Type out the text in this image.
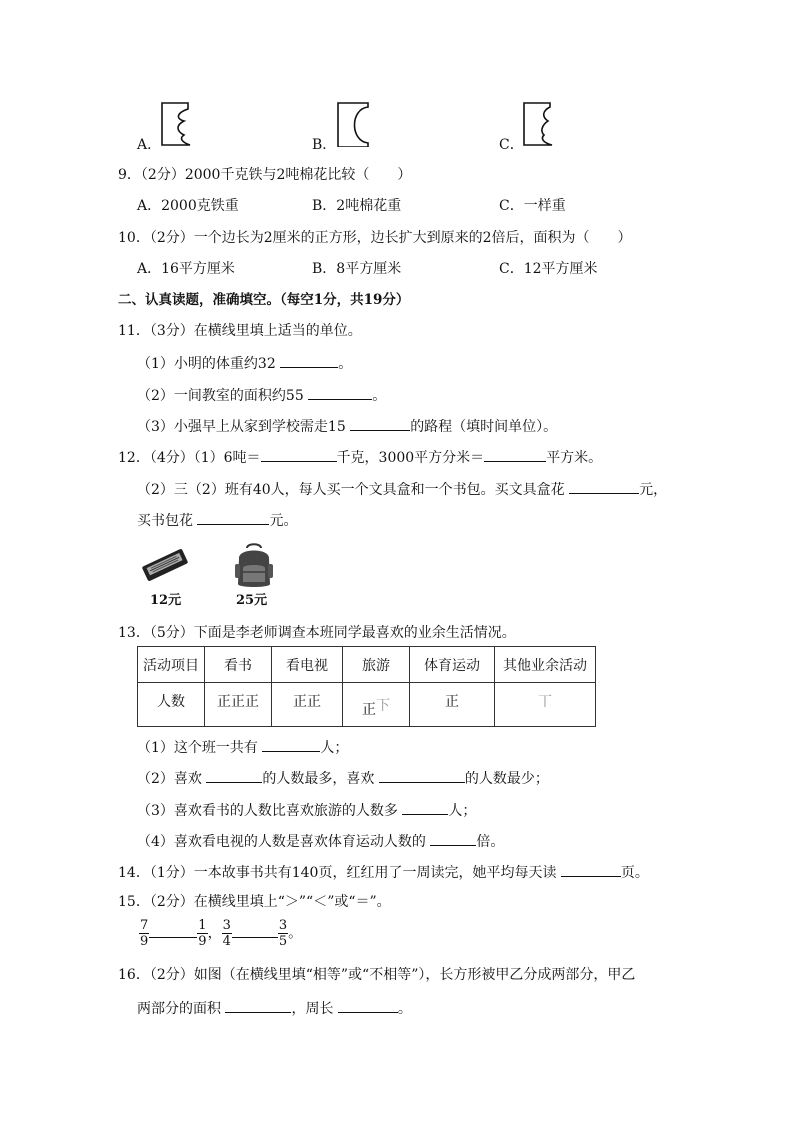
A．	B．	C．
9．（2分）2000千克铁与2吨棉花比较（　　）
A．2000克铁重	B．2吨棉花重	C．一样重
10．（2分）一个边长为2厘米的正方形，边长扩大到原来的2倍后，面积为（　　）
A．16平方厘米	B．8平方厘米	C．12平方厘米
二、认真读题，准确填空。（每空1分，共19分）
11．（3分）在横线里填上适当的单位。
（1）小明的体重约32	。
（2）一间教室的面积约55	。
（3）小强早上从家到学校需走15	的路程（填时间单位）。
12．（4分）（1）6吨＝	千克，3000平方分米＝	平方米。
（2）三（2）班有40人，每人买一个文具盒和一个书包。买文具盒花	元，
买书包花	元。
12元	25元
13．（5分）下面是李老师调查本班同学最喜欢的业余生活情况。
活动项目	看书	看电视	旅游	体育运动	其他业余活动
人数	正正正	正正	正下	正	丅
（1）这个班一共有	人；
（2）喜欢	的人数最多，喜欢	的人数最少；
（3）喜欢看书的人数比喜欢旅游的人数多	人；
（4）喜欢看电视的人数是喜欢体育运动人数的	倍。
14．（1分）一本故事书共有140页，红红用了一周读完，她平均每天读	页。
15．（2分）在横线里填上“＞”“＜”或“＝”。
$\frac{7}{9}$	$\frac{1}{9}$ ， $\frac{3}{4}$	$\frac{3}{5}$ 。
16．（2分）如图（在横线里填“相等”或“不相等”），长方形被甲乙分成两部分，甲乙
两部分的面积	，周长	。
